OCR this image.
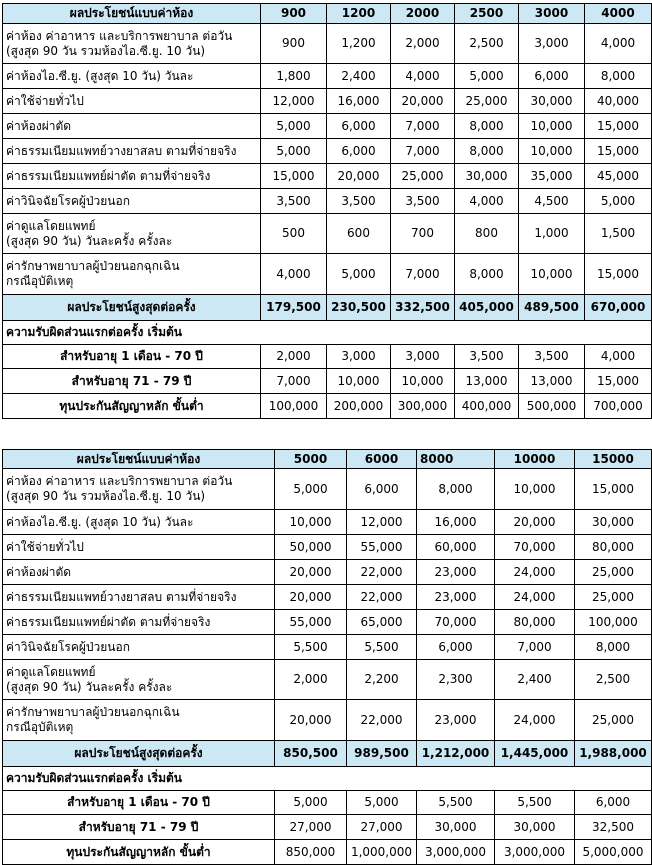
ผลประโยชน์แบบค่าห้อง	900	1200	2000	2500	3000	4000
ค่าห้อง ค่าอาหาร และบริการพยาบาล ต่อวัน
(สูงสุด 90 วัน รวมห้องไอ.ซี.ยู. 10 วัน)	900	1,200	2,000	2,500	3,000	4,000
ค่าห้องไอ.ซี.ยู. (สูงสุด 10 วัน) วันละ	1,800	2,400	4,000	5,000	6,000	8,000
ค่าใช้จ่ายทั่วไป	12,000	16,000	20,000	25,000	30,000	40,000
ค่าห้องผ่าตัด	5,000	6,000	7,000	8,000	10,000	15,000
ค่าธรรมเนียมแพทย์วางยาสลบ ตามที่จ่ายจริง	5,000	6,000	7,000	8,000	10,000	15,000
ค่าธรรมเนียมแพทย์ผ่าตัด ตามที่จ่ายจริง	15,000	20,000	25,000	30,000	35,000	45,000
ค่าวินิจฉัยโรคผู้ป่วยนอก	3,500	3,500	3,500	4,000	4,500	5,000
ค่าดูแลโดยแพทย์
(สูงสุด 90 วัน) วันละครั้ง ครั้งละ	500	600	700	800	1,000	1,500
ค่ารักษาพยาบาลผู้ป่วยนอกฉุกเฉิน
กรณีอุบัติเหตุ	4,000	5,000	7,000	8,000	10,000	15,000
ผลประโยชน์สูงสุดต่อครั้ง	179,500	230,500	332,500	405,000	489,500	670,000
ความรับผิดส่วนแรกต่อครั้ง เริ่มต้น						
สำหรับอายุ 1 เดือน - 70 ปี	2,000	3,000	3,000	3,500	3,500	4,000
สำหรับอายุ 71 - 79 ปี	7,000	10,000	10,000	13,000	13,000	15,000
ทุนประกันสัญญาหลัก ขั้นต่ำ	100,000	200,000	300,000	400,000	500,000	700,000
ผลประโยชน์แบบค่าห้อง	5000	6000	8000	10000	15000
ค่าห้อง ค่าอาหาร และบริการพยาบาล ต่อวัน
(สูงสุด 90 วัน รวมห้องไอ.ซี.ยู. 10 วัน)	5,000	6,000	8,000	10,000	15,000
ค่าห้องไอ.ซี.ยู. (สูงสุด 10 วัน) วันละ	10,000	12,000	16,000	20,000	30,000
ค่าใช้จ่ายทั่วไป	50,000	55,000	60,000	70,000	80,000
ค่าห้องผ่าตัด	20,000	22,000	23,000	24,000	25,000
ค่าธรรมเนียมแพทย์วางยาสลบ ตามที่จ่ายจริง	20,000	22,000	23,000	24,000	25,000
ค่าธรรมเนียมแพทย์ผ่าตัด ตามที่จ่ายจริง	55,000	65,000	70,000	80,000	100,000
ค่าวินิจฉัยโรคผู้ป่วยนอก	5,500	5,500	6,000	7,000	8,000
ค่าดูแลโดยแพทย์
(สูงสุด 90 วัน) วันละครั้ง ครั้งละ	2,000	2,200	2,300	2,400	2,500
ค่ารักษาพยาบาลผู้ป่วยนอกฉุกเฉิน
กรณีอุบัติเหตุ	20,000	22,000	23,000	24,000	25,000
ผลประโยชน์สูงสุดต่อครั้ง	850,500	989,500	1,212,000	1,445,000	1,988,000
ความรับผิดส่วนแรกต่อครั้ง เริ่มต้น					
สำหรับอายุ 1 เดือน - 70 ปี	5,000	5,000	5,500	5,500	6,000
สำหรับอายุ 71 - 79 ปี	27,000	27,000	30,000	30,000	32,500
ทุนประกันสัญญาหลัก ขั้นต่ำ	850,000	1,000,000	3,000,000	3,000,000	5,000,000
